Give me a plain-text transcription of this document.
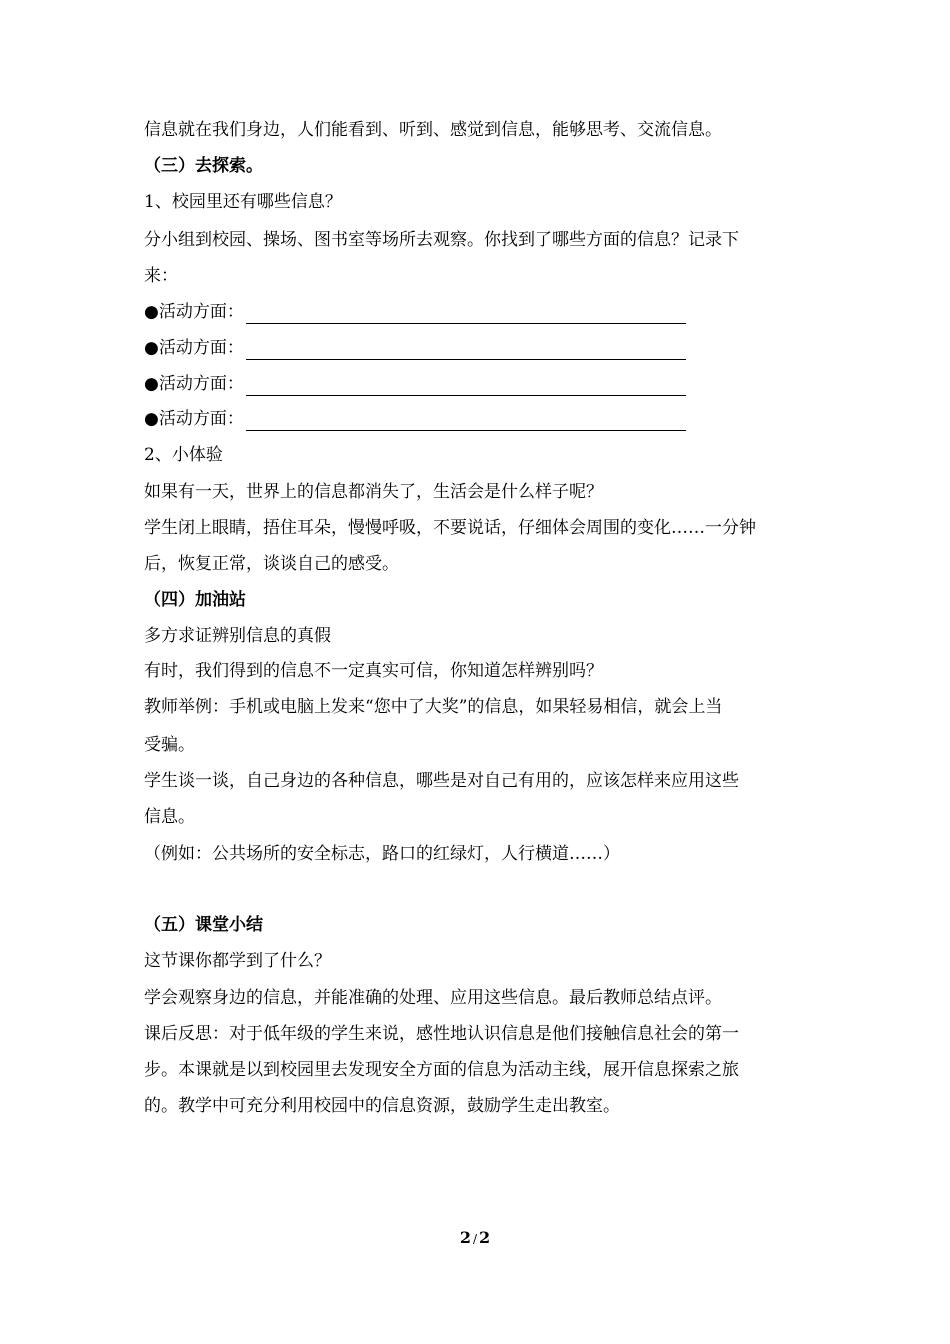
信息就在我们身边，人们能看到、听到、感觉到信息，能够思考、交流信息。
（三）去探索。
1、校园里还有哪些信息？
分小组到校园、操场、图书室等场所去观察。你找到了哪些方面的信息？记录下
来：
●活动方面：
●活动方面：
●活动方面：
●活动方面：
2、小体验
如果有一天，世界上的信息都消失了，生活会是什么样子呢？
学生闭上眼睛，捂住耳朵，慢慢呼吸，不要说话，仔细体会周围的变化……一分钟
后，恢复正常，谈谈自己的感受。
（四）加油站
多方求证辨别信息的真假
有时，我们得到的信息不一定真实可信，你知道怎样辨别吗？
教师举例：手机或电脑上发来“您中了大奖”的信息，如果轻易相信，就会上当
受骗。
学生谈一谈，自己身边的各种信息，哪些是对自己有用的，应该怎样来应用这些
信息。
（例如：公共场所的安全标志，路口的红绿灯，人行横道……）
（五）课堂小结
这节课你都学到了什么？
学会观察身边的信息，并能准确的处理、应用这些信息。最后教师总结点评。
课后反思：对于低年级的学生来说，感性地认识信息是他们接触信息社会的第一
步。本课就是以到校园里去发现安全方面的信息为活动主线，展开信息探索之旅
的。教学中可充分利用校园中的信息资源，鼓励学生走出教室。
2 / 2
